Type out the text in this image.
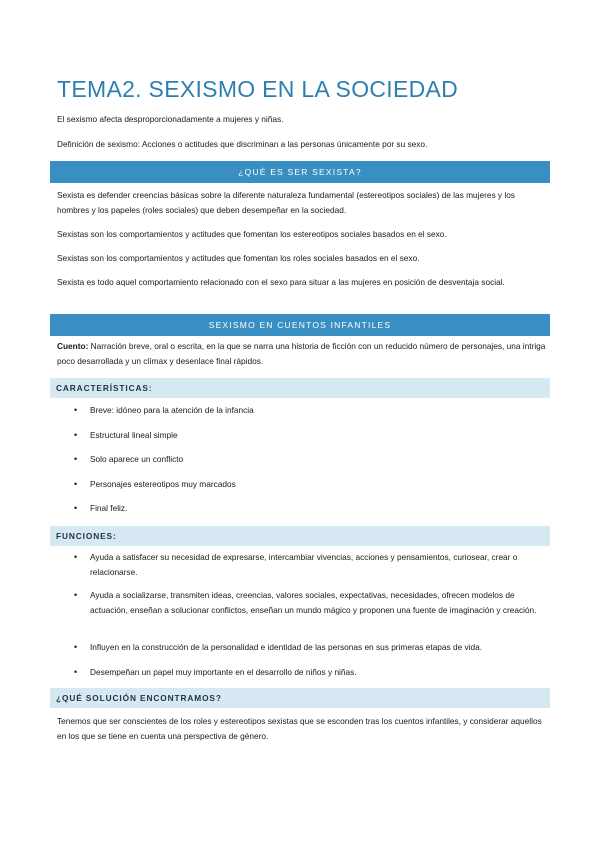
TEMA2. SEXISMO EN LA SOCIEDAD

El sexismo afecta desproporcionadamente a mujeres y niñas.

Definición de sexismo: Acciones o actitudes que discriminan a las personas únicamente por su sexo.

¿QUÉ ES SER SEXISTA?

Sexista es defender creencias básicas sobre la diferente naturaleza fundamental (estereotipos sociales) de las mujeres y los hombres y los papeles (roles sociales) que deben desempeñar en la sociedad.

Sexistas son los comportamientos y actitudes que fomentan los estereotipos sociales basados en el sexo.

Sexistas son los comportamientos y actitudes que fomentan los roles sociales basados en el sexo.

Sexista es todo aquel comportamiento relacionado con el sexo para situar a las mujeres en posición de desventaja social.

SEXISMO EN CUENTOS INFANTILES

Cuento: Narración breve, oral o escrita, en la que se narra una historia de ficción con un reducido número de personajes, una intriga poco desarrollada y un clímax y desenlace final rápidos.

CARACTERÍSTICAS:
• Breve: idóneo para la atención de la infancia
• Estructural lineal simple
• Solo aparece un conflicto
• Personajes estereotipos muy marcados
• Final feliz.
FUNCIONES:
• Ayuda a satisfacer su necesidad de expresarse, intercambiar vivencias, acciones y pensamientos, curiosear, crear o relacionarse.
• Ayuda a socializarse, transmiten ideas, creencias, valores sociales, expectativas, necesidades, ofrecen modelos de actuación, enseñan a solucionar conflictos, enseñan un mundo mágico y proponen una fuente de imaginación y creación.
• Influyen en la construcción de la personalidad e identidad de las personas en sus primeras etapas de vida.
• Desempeñan un papel muy importante en el desarrollo de niños y niñas.
¿QUÉ SOLUCIÓN ENCONTRAMOS?

Tenemos que ser conscientes de los roles y estereotipos sexistas que se esconden tras los cuentos infantiles, y considerar aquellos en los que se tiene en cuenta una perspectiva de género.
